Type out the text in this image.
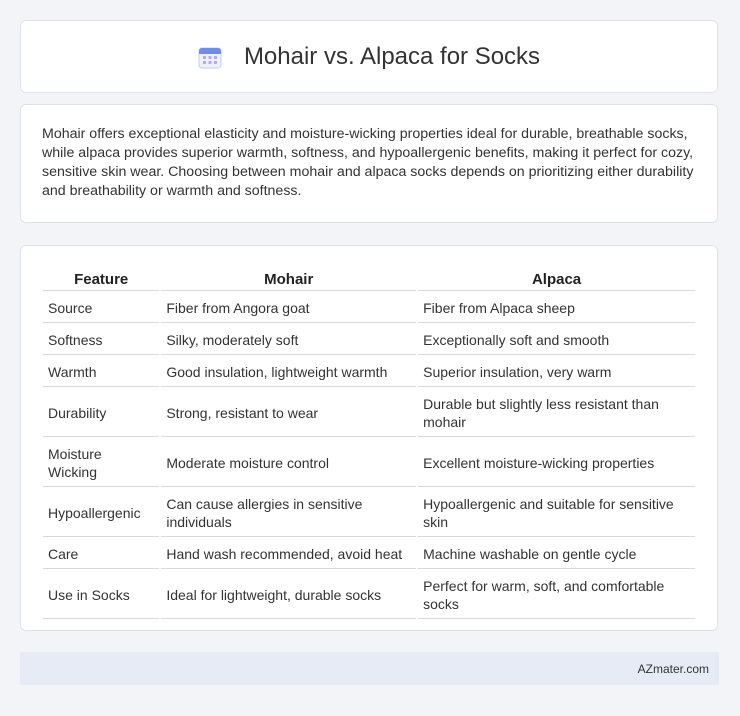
Mohair vs. Alpaca for Socks

Mohair offers exceptional elasticity and moisture-wicking properties ideal for durable, breathable socks, while alpaca provides superior warmth, softness, and hypoallergenic benefits, making it perfect for cozy, sensitive skin wear. Choosing between mohair and alpaca socks depends on prioritizing either durability and breathability or warmth and softness.

Feature	Mohair	Alpaca
Source	Fiber from Angora goat	Fiber from Alpaca sheep
Softness	Silky, moderately soft	Exceptionally soft and smooth
Warmth	Good insulation, lightweight warmth	Superior insulation, very warm
Durability	Strong, resistant to wear	Durable but slightly less resistant than mohair
Moisture Wicking	Moderate moisture control	Excellent moisture-wicking properties
Hypoallergenic	Can cause allergies in sensitive individuals	Hypoallergenic and suitable for sensitive skin
Care	Hand wash recommended, avoid heat	Machine washable on gentle cycle
Use in Socks	Ideal for lightweight, durable socks	Perfect for warm, soft, and comfortable socks
AZmater.com
